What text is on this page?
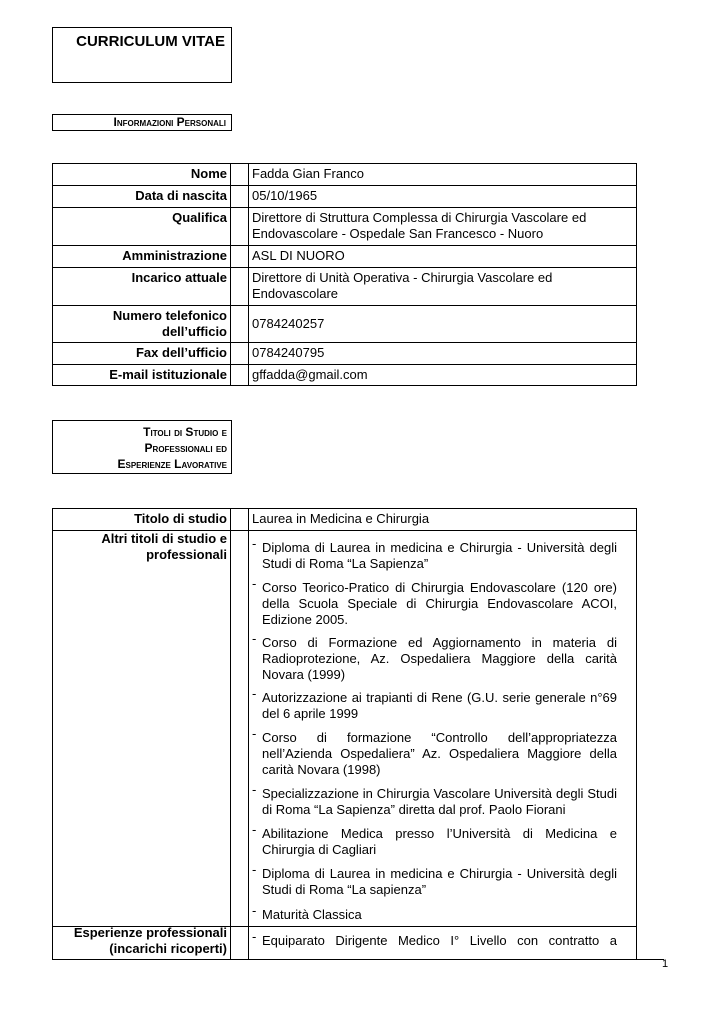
CURRICULUM VITAE
Informazioni Personali
Nome
Data di nascita
Qualifica
Amministrazione
Incarico attuale
Numero telefonico dell’ufficio
Fax dell’ufficio
E-mail istituzionale
Fadda Gian Franco
05/10/1965
Direttore di Struttura Complessa di Chirurgia Vascolare ed Endovascolare - Ospedale San Francesco - Nuoro
ASL DI NUORO
Direttore di Unità Operativa - Chirurgia Vascolare ed Endovascolare
0784240257
0784240795
gffadda@gmail.com
Titoli di Studio e
Professionali ed
Esperienze Lavorative
Titolo di studio
Altri titoli di studio e professionali
Esperienze professionali (incarichi ricoperti)
Laurea in Medicina e Chirurgia
- Diploma di Laurea in medicina e Chirurgia - Università degli Studi di Roma “La Sapienza”
- Corso Teorico-Pratico di Chirurgia Endovascolare (120 ore) della Scuola Speciale di Chirurgia Endovascolare ACOI, Edizione 2005.
- Corso di Formazione ed Aggiornamento in materia di Radioprotezione, Az. Ospedaliera Maggiore della carità Novara (1999)
- Autorizzazione ai trapianti di Rene (G.U. serie generale n°69 del 6 aprile 1999
- Corso di formazione “Controllo dell’appropriatezza nell’Azienda Ospedaliera” Az. Ospedaliera Maggiore della carità Novara (1998)
- Specializzazione in Chirurgia Vascolare Università degli Studi di Roma “La Sapienza” diretta dal prof. Paolo Fiorani
- Abilitazione Medica presso l’Università di Medicina e Chirurgia di Cagliari
- Diploma di Laurea in medicina e Chirurgia - Università degli Studi di Roma “La sapienza”
- Maturità Classica
- Equiparato Dirigente Medico I° Livello con contratto a
1
